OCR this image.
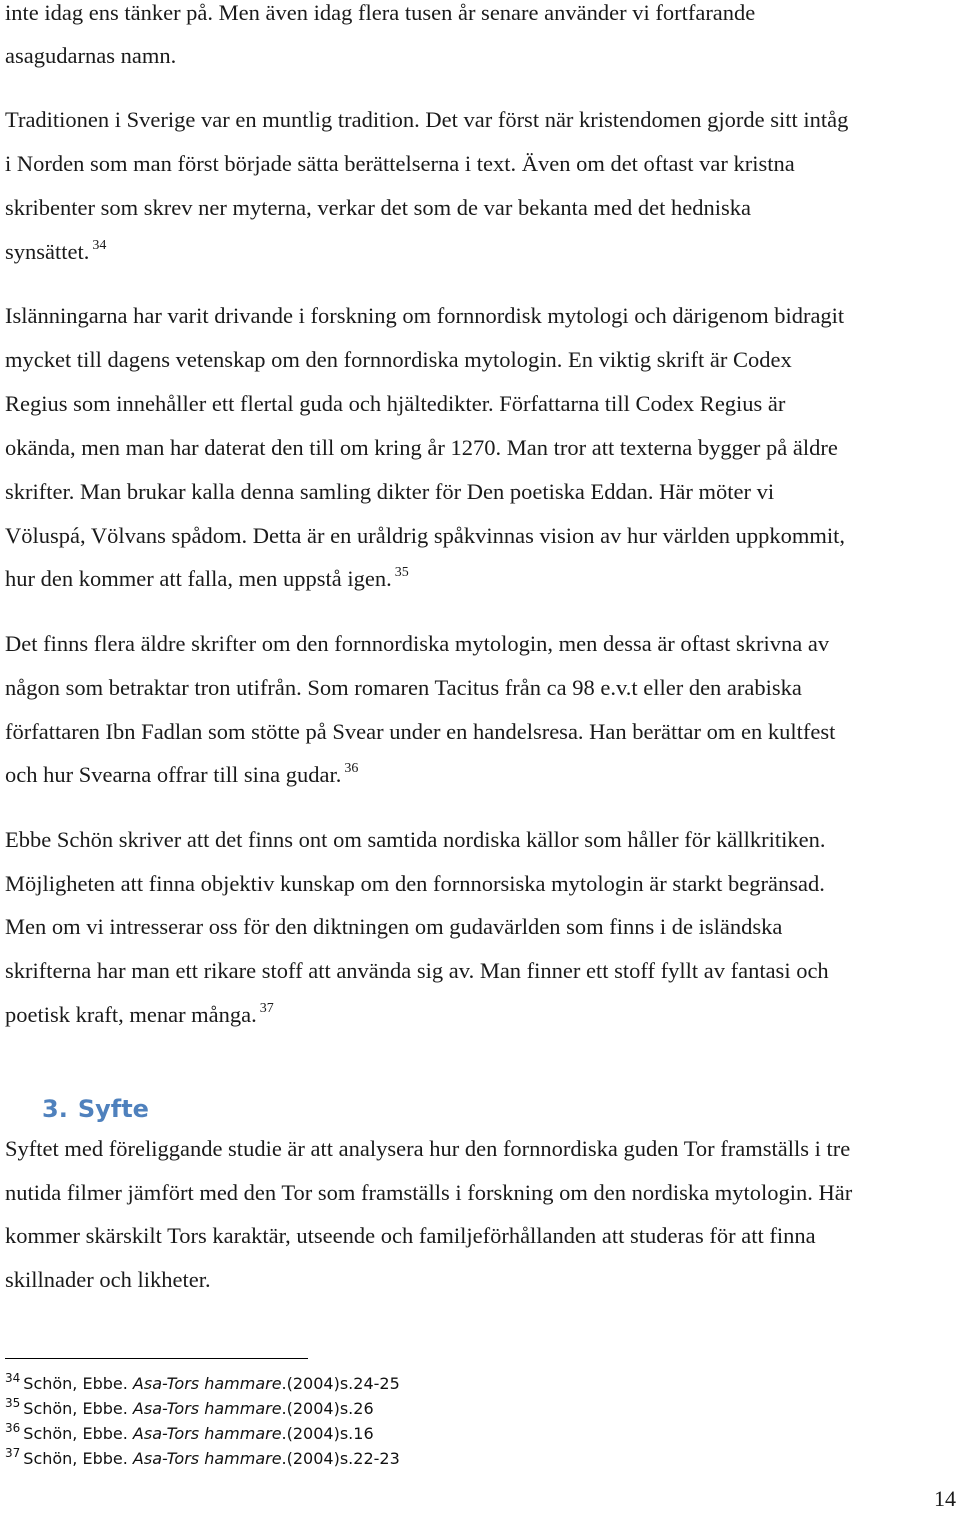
inte idag ens tänker på. Men även idag flera tusen år senare använder vi fortfarande
asagudarnas namn.
Traditionen i Sverige var en muntlig tradition. Det var först när kristendomen gjorde sitt intåg
i Norden som man först började sätta berättelserna i text. Även om det oftast var kristna
skribenter som skrev ner myterna, verkar det som de var bekanta med det hedniska
synsättet. $^{34}$
Islänningarna har varit drivande i forskning om fornnordisk mytologi och därigenom bidragit
mycket till dagens vetenskap om den fornnordiska mytologin. En viktig skrift är Codex
Regius som innehåller ett flertal guda och hjältedikter. Författarna till Codex Regius är
okända, men man har daterat den till om kring år 1270. Man tror att texterna bygger på äldre
skrifter. Man brukar kalla denna samling dikter för Den poetiska Eddan. Här möter vi
Völuspá, Völvans spådom. Detta är en uråldrig spåkvinnas vision av hur världen uppkommit,
hur den kommer att falla, men uppstå igen. $^{35}$
Det finns flera äldre skrifter om den fornnordiska mytologin, men dessa är oftast skrivna av
någon som betraktar tron utifrån. Som romaren Tacitus från ca 98 e.v.t eller den arabiska
författaren Ibn Fadlan som stötte på Svear under en handelsresa. Han berättar om en kultfest
och hur Svearna offrar till sina gudar. $^{36}$
Ebbe Schön skriver att det finns ont om samtida nordiska källor som håller för källkritiken.
Möjligheten att finna objektiv kunskap om den fornnorsiska mytologin är starkt begränsad.
Men om vi intresserar oss för den diktningen om gudavärlden som finns i de isländska
skrifterna har man ett rikare stoff att använda sig av. Man finner ett stoff fyllt av fantasi och
poetisk kraft, menar många. $^{37}$
3. Syfte
Syftet med föreliggande studie är att analysera hur den fornnordiska guden Tor framställs i tre
nutida filmer jämfört med den Tor som framställs i forskning om den nordiska mytologin. Här
kommer skärskilt Tors karaktär, utseende och familjeförhållanden att studeras för att finna
skillnader och likheter.
$^{34}$ Schön, Ebbe. Asa-Tors hammare.(2004)s.24-25
$^{35}$ Schön, Ebbe. Asa-Tors hammare.(2004)s.26
$^{36}$ Schön, Ebbe. Asa-Tors hammare.(2004)s.16
$^{37}$ Schön, Ebbe. Asa-Tors hammare.(2004)s.22-23
14
